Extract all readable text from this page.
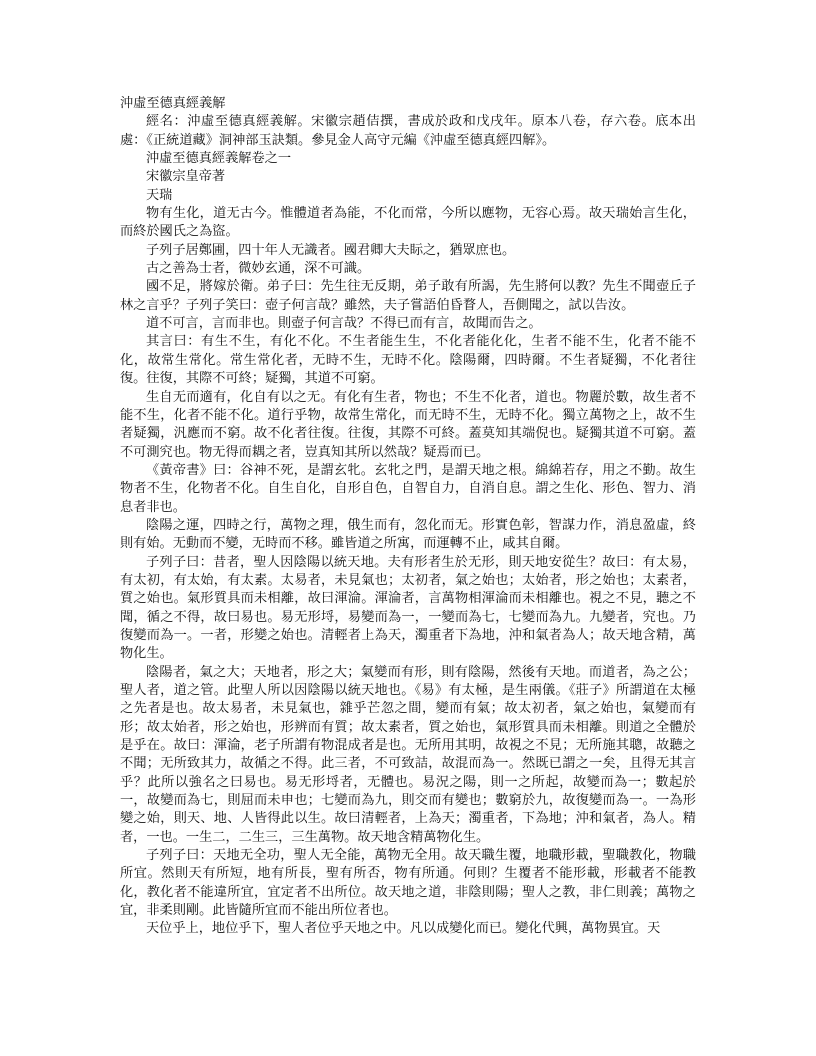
沖虛至德真經義解
經名：沖虛至德真經義解。宋徽宗趙佶撰，書成於政和戊戌年。原本八卷，存六卷。底本出處：《正統道藏》洞神部玉訣類。參見金人高守元編《沖虛至德真經四解》。
沖虛至德真經義解卷之一
宋徽宗皇帝著
天瑞
物有生化，道无古今。惟體道者為能，不化而常，今所以應物，无容心焉。故天瑞始言生化，而終於國氏之為盜。
子列子居鄭圃，四十年人无識者。國君卿大夫眎之，猶眾庶也。
古之善為士者，微妙玄通，深不可識。
國不足，將嫁於衛。弟子曰：先生往无反期，弟子敢有所謁，先生將何以教？先生不聞壺丘子林之言乎？子列子笑曰：壺子何言哉？雖然，夫子嘗語伯昏瞀人，吾側聞之，試以告汝。
道不可言，言而非也。則壺子何言哉？不得已而有言，故聞而告之。
其言曰：有生不生，有化不化。不生者能生生，不化者能化化，生者不能不生，化者不能不化，故常生常化。常生常化者，无時不生，无時不化。陰陽爾，四時爾。不生者疑獨，不化者往復。往復，其際不可終；疑獨，其道不可窮。
生自无而適有，化自有以之无。有化有生者，物也；不生不化者，道也。物麗於數，故生者不能不生，化者不能不化。道行乎物，故常生常化，而无時不生，无時不化。獨立萬物之上，故不生者疑獨，汎應而不窮。故不化者往復。往復，其際不可終。蓋莫知其端倪也。疑獨其道不可窮。蓋不可測究也。物无得而耦之者，豈真知其所以然哉？疑焉而已。
《黃帝書》曰：谷神不死，是謂玄牝。玄牝之門，是謂天地之根。綿綿若存，用之不勤。故生物者不生，化物者不化。自生自化，自形自色，自智自力，自消自息。謂之生化、形色、智力、消息者非也。
陰陽之運，四時之行，萬物之理，俄生而有，忽化而无。形實色彰，智謀力作，消息盈虛，終則有始。无動而不變，无時而不移。雖皆道之所寓，而運轉不止，咸其自爾。
子列子曰：昔者，聖人因陰陽以統天地。夫有形者生於无形，則天地安從生？故曰：有太易，有太初，有太始，有太素。太易者，未見氣也；太初者，氣之始也；太始者，形之始也；太素者，質之始也。氣形質具而未相離，故曰渾淪。渾淪者，言萬物相渾淪而未相離也。視之不見，聽之不聞，循之不得，故曰易也。易无形埒，易變而為一，一變而為七，七變而為九。九變者，究也。乃復變而為一。一者，形變之始也。清輕者上為天，濁重者下為地，沖和氣者為人；故天地含精，萬物化生。
陰陽者，氣之大；天地者，形之大；氣變而有形，則有陰陽，然後有天地。而道者，為之公；聖人者，道之管。此聖人所以因陰陽以統天地也。《易》有太極，是生兩儀。《莊子》所謂道在太極之先者是也。故太易者，未見氣也，雜乎芒忽之間，變而有氣；故太初者，氣之始也，氣變而有形；故太始者，形之始也，形辨而有質；故太素者，質之始也，氣形質具而未相離。則道之全體於是乎在。故曰：渾淪，老子所謂有物混成者是也。无所用其明，故視之不見；无所施其聰，故聽之不聞；无所致其力，故循之不得。此三者，不可致詰，故混而為一。然既已謂之一矣，且得无其言乎？此所以強名之曰易也。易无形埒者，无體也。易況之陽，則一之所起，故變而為一；數起於一，故變而為七，則屈而未申也；七變而為九，則交而有變也；數窮於九，故復變而為一。一為形變之始，則天、地、人皆得此以生。故曰清輕者，上為天；濁重者，下為地；沖和氣者，為人。精者，一也。一生二，二生三，三生萬物。故天地含精萬物化生。
子列子曰：天地无全功，聖人无全能，萬物无全用。故天職生覆，地職形載，聖職教化，物職所宜。然則天有所短，地有所長，聖有所否，物有所通。何則？生覆者不能形載，形載者不能教化，教化者不能違所宜，宜定者不出所位。故天地之道，非陰則陽；聖人之教，非仁則義；萬物之宜，非柔則剛。此皆隨所宜而不能出所位者也。
天位乎上，地位乎下，聖人者位乎天地之中。凡以成變化而已。變化代興，萬物異宜。天
